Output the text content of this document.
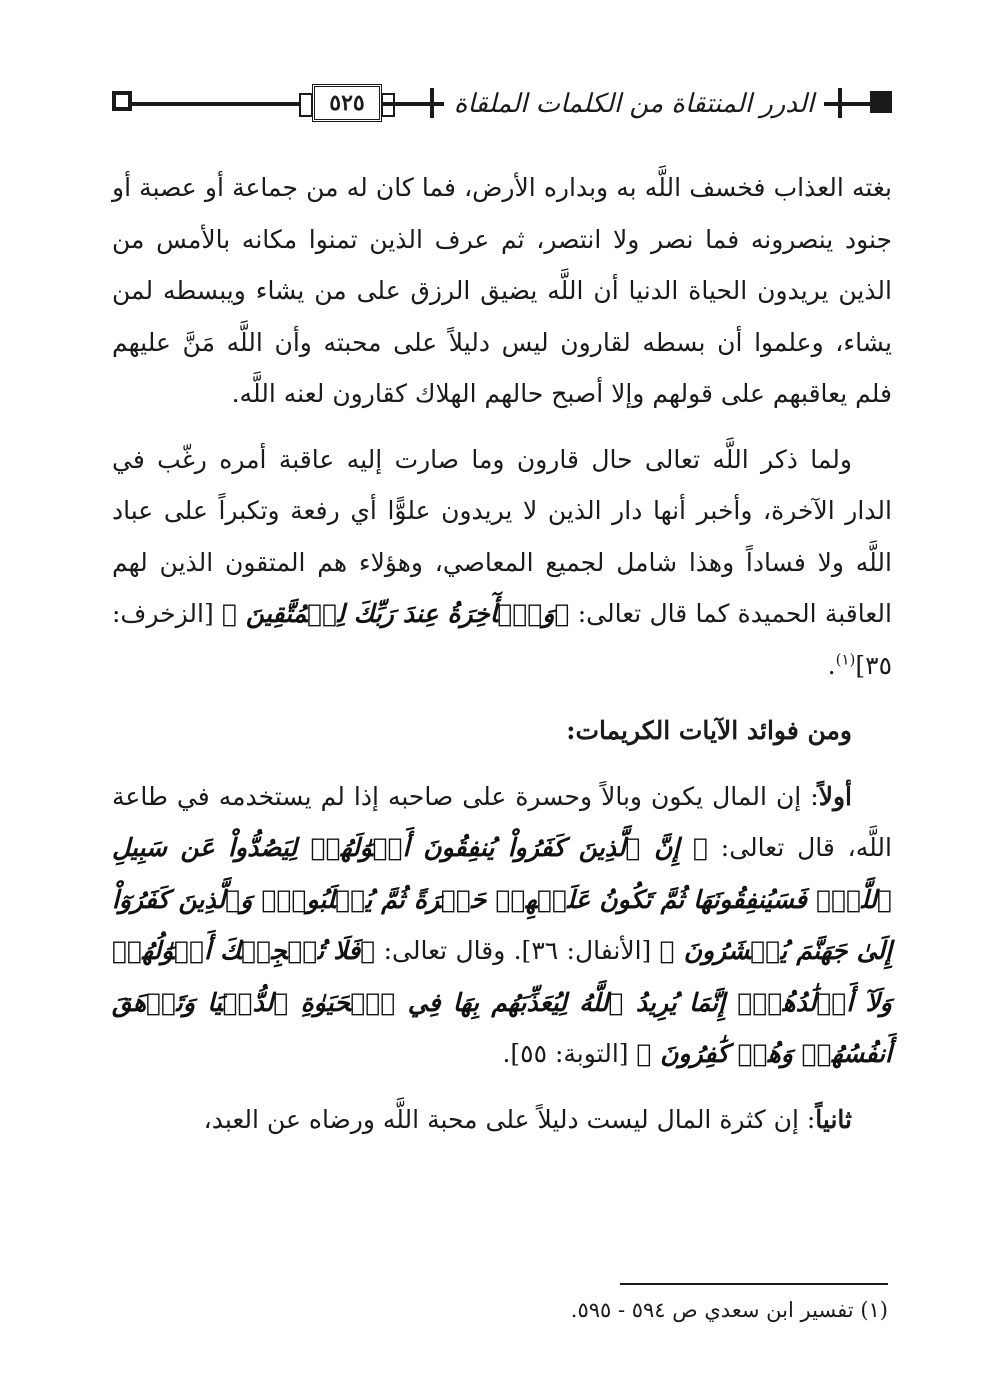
٥٢٥	الدرر المنتقاة من الكلمات الملقاة

بغته العذاب فخسف اللَّه به وبداره الأرض، فما كان له من جماعة أو عصبة أو جنود ينصرونه فما نصر ولا انتصر، ثم عرف الذين تمنوا مكانه بالأمس من الذين يريدون الحياة الدنيا أن اللَّه يضيق الرزق على من يشاء ويبسطه لمن يشاء، وعلموا أن بسطه لقارون ليس دليلاً على محبته وأن اللَّه مَنَّ عليهم فلم يعاقبهم على قولهم وإلا أصبح حالهم الهلاك كقارون لعنه اللَّه.

ولما ذكر اللَّه تعالى حال قارون وما صارت إليه عاقبة أمره رغّب في الدار الآخرة، وأخبر أنها دار الذين لا يريدون علوًّا أي رفعة وتكبراً على عباد اللَّه ولا فساداً وهذا شامل لجميع المعاصي، وهؤلاء هم المتقون الذين لهم العاقبة الحميدة كما قال تعالى: ﴿وَٱلۡأٓخِرَةُ عِندَ رَبِّكَ لِلۡمُتَّقِينَ ﴾ [الزخرف: ٣٥]$^{(١)}$.

ومن فوائد الآيات الكريمات:

أولاً: إن المال يكون وبالاً وحسرة على صاحبه إذا لم يستخدمه في طاعة اللَّه، قال تعالى: ﴿ إِنَّ ٱلَّذِينَ كَفَرُواْ يُنفِقُونَ أَمۡوَٰلَهُمۡ لِيَصُدُّواْ عَن سَبِيلِ ٱللَّهِۚ فَسَيُنفِقُونَهَا ثُمَّ تَكُونُ عَلَيۡهِمۡ حَسۡرَةً ثُمَّ يُغۡلَبُونَۗ وَٱلَّذِينَ كَفَرُوٓاْ إِلَىٰ جَهَنَّمَ يُحۡشَرُونَ ﴾ [الأنفال: ٣٦]. وقال تعالى: ﴿فَلَا تُعۡجِبۡكَ أَمۡوَٰلُهُمۡ وَلَآ أَوۡلَٰدُهُمۡۚ إِنَّمَا يُرِيدُ ٱللَّهُ لِيُعَذِّبَهُم بِهَا فِي ٱلۡحَيَوٰةِ ٱلدُّنۡيَا وَتَزۡهَقَ أَنفُسُهُمۡ وَهُمۡ كَٰفِرُونَ ﴾ [التوبة: ٥٥].

ثانياً: إن كثرة المال ليست دليلاً على محبة اللَّه ورضاه عن العبد،

(١) تفسير ابن سعدي ص ٥٩٤ - ٥٩٥.
